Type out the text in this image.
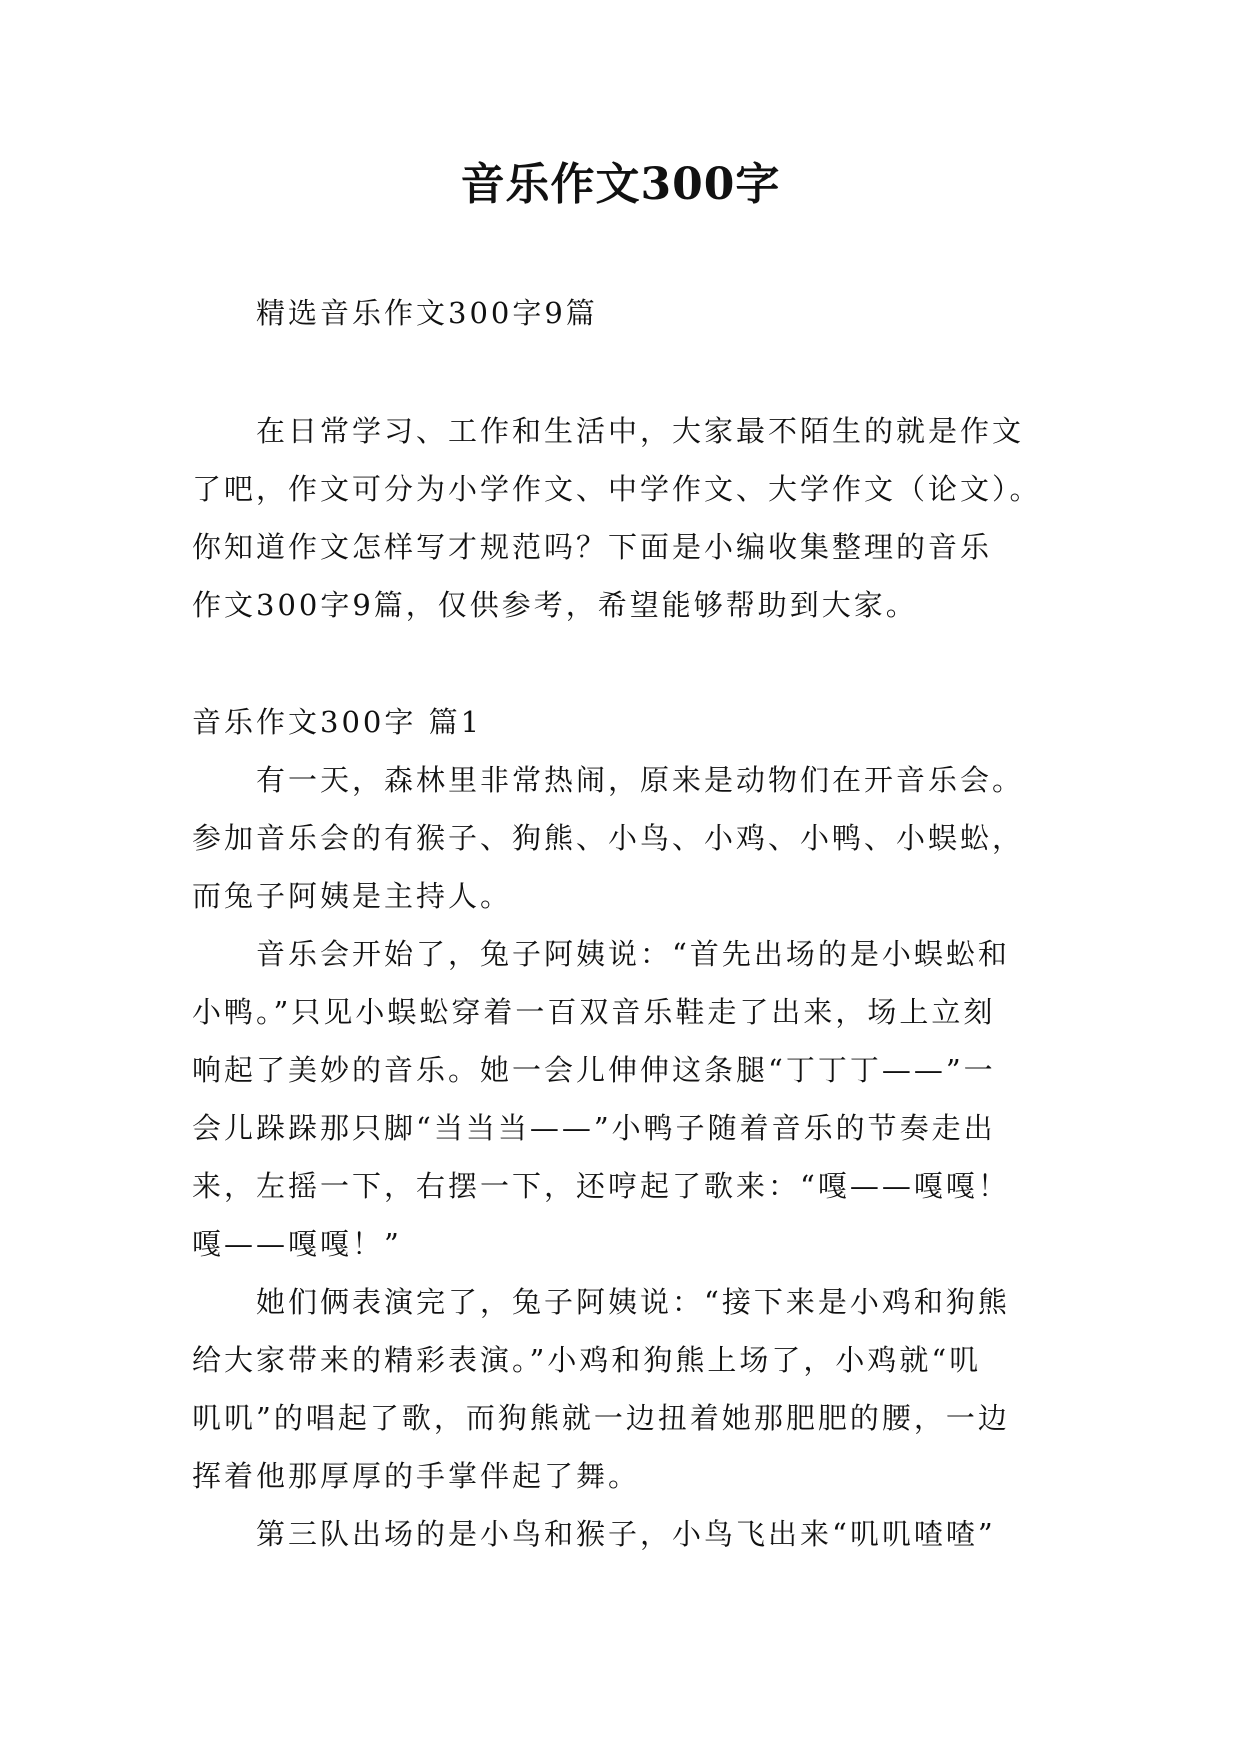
音乐作文300字
精选音乐作文300字9篇
在日常学习、工作和生活中，大家最不陌生的就是作文
了吧，作文可分为小学作文、中学作文、大学作文（论文）。
你知道作文怎样写才规范吗？下面是小编收集整理的音乐
作文300字9篇，仅供参考，希望能够帮助到大家。
音乐作文300字 篇1
有一天，森林里非常热闹，原来是动物们在开音乐会。
参加音乐会的有猴子、狗熊、小鸟、小鸡、小鸭、小蜈蚣，
而兔子阿姨是主持人。
音乐会开始了，兔子阿姨说：“首先出场的是小蜈蚣和
小鸭。”只见小蜈蚣穿着一百双音乐鞋走了出来，场上立刻
响起了美妙的音乐。她一会儿伸伸这条腿“丁丁丁——”一
会儿跺跺那只脚“当当当——”小鸭子随着音乐的节奏走出
来，左摇一下，右摆一下，还哼起了歌来：“嘎——嘎嘎！
嘎——嘎嘎！”
她们俩表演完了，兔子阿姨说：“接下来是小鸡和狗熊
给大家带来的精彩表演。”小鸡和狗熊上场了，小鸡就“叽
叽叽”的唱起了歌，而狗熊就一边扭着她那肥肥的腰，一边
挥着他那厚厚的手掌伴起了舞。
第三队出场的是小鸟和猴子，小鸟飞出来“叽叽喳喳”
